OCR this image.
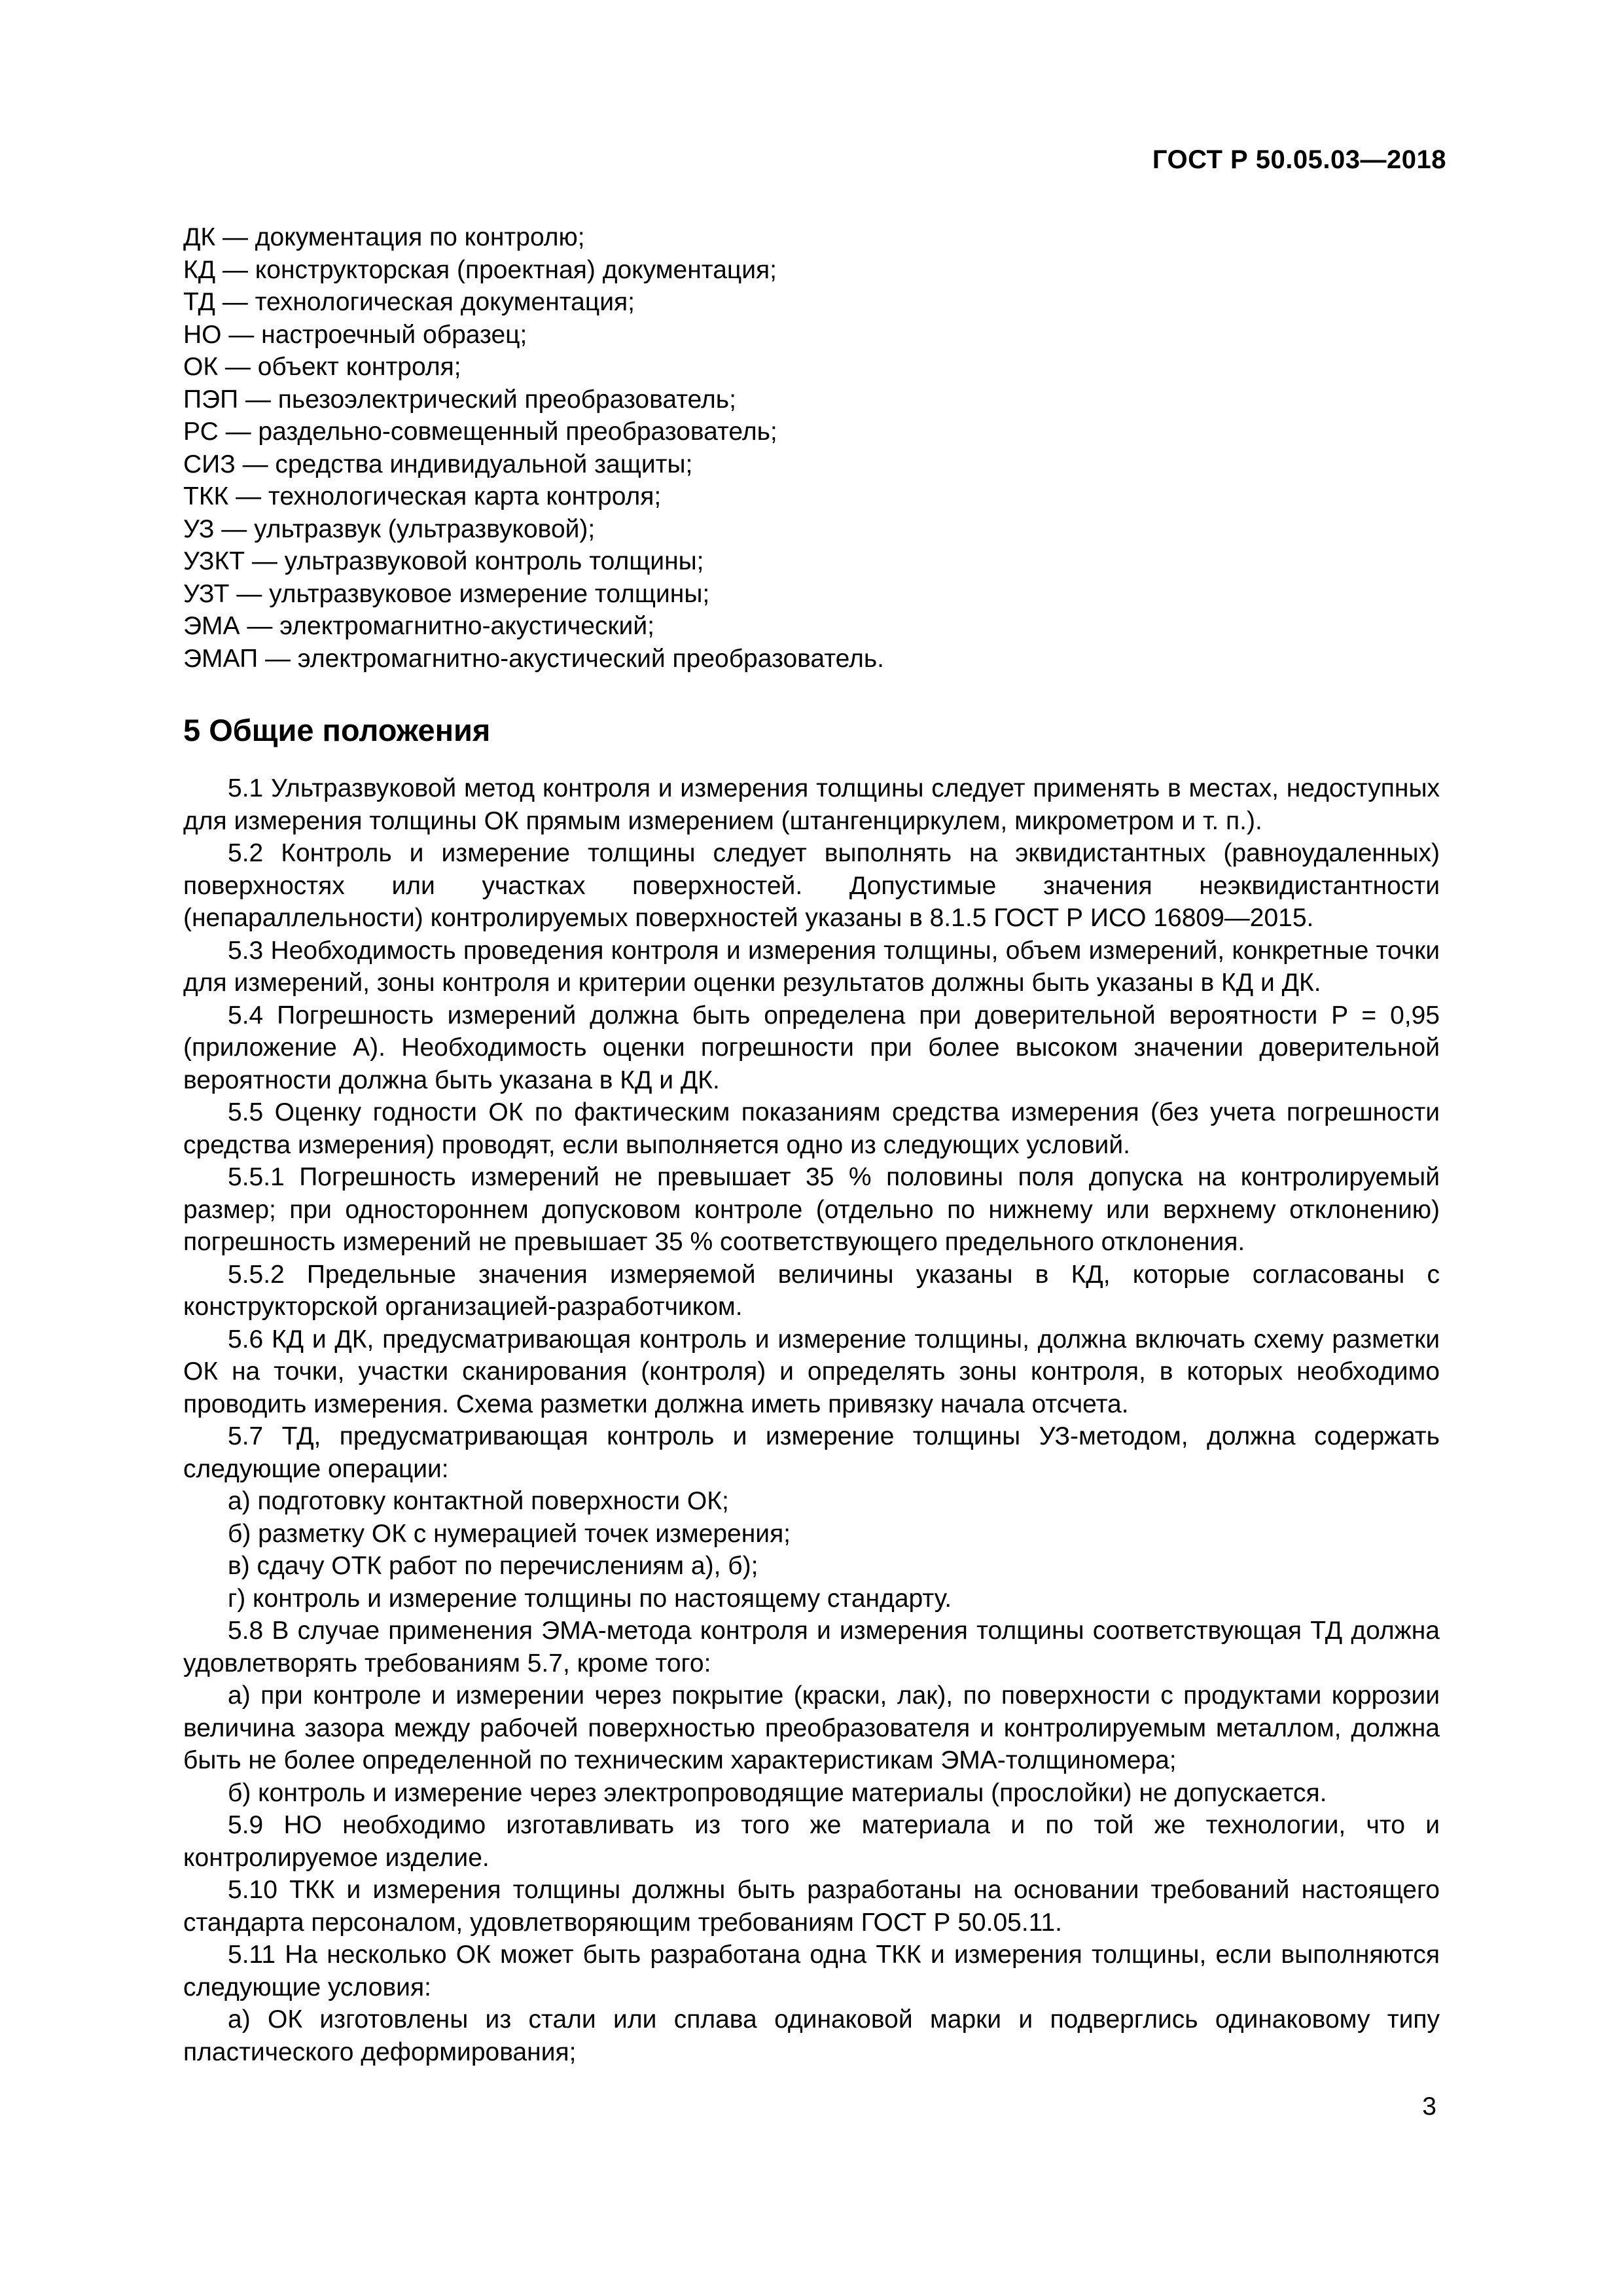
ГОСТ Р 50.05.03—2018
ДК — документация по контролю;
КД — конструкторская (проектная) документация;
ТД — технологическая документация;
НО — настроечный образец;
ОК — объект контроля;
ПЭП — пьезоэлектрический преобразователь;
РС — раздельно-совмещенный преобразователь;
СИЗ — средства индивидуальной защиты;
ТКК — технологическая карта контроля;
УЗ — ультразвук (ультразвуковой);
УЗКТ — ультразвуковой контроль толщины;
УЗТ — ультразвуковое измерение толщины;
ЭМА — электромагнитно-акустический;
ЭМАП — электромагнитно-акустический преобразователь.
5 Общие положения

5.1 Ультразвуковой метод контроля и измерения толщины следует применять в местах, недоступных для измерения толщины ОК прямым измерением (штангенциркулем, микрометром и т. п.).

5.2 Контроль и измерение толщины следует выполнять на эквидистантных (равноудаленных) поверхностях или участках поверхностей. Допустимые значения неэквидистантности (непараллельности) контролируемых поверхностей указаны в 8.1.5 ГОСТ Р ИСО 16809—2015.

5.3 Необходимость проведения контроля и измерения толщины, объем измерений, конкретные точки для измерений, зоны контроля и критерии оценки результатов должны быть указаны в КД и ДК.

5.4 Погрешность измерений должна быть определена при доверительной вероятности P = 0,95 (приложение А). Необходимость оценки погрешности при более высоком значении доверительной вероятности должна быть указана в КД и ДК.

5.5 Оценку годности ОК по фактическим показаниям средства измерения (без учета погрешности средства измерения) проводят, если выполняется одно из следующих условий.

5.5.1 Погрешность измерений не превышает 35 % половины поля допуска на контролируемый размер; при одностороннем допусковом контроле (отдельно по нижнему или верхнему отклонению) погрешность измерений не превышает 35 % соответствующего предельного отклонения.

5.5.2 Предельные значения измеряемой величины указаны в КД, которые согласованы с конструкторской организацией-разработчиком.

5.6 КД и ДК, предусматривающая контроль и измерение толщины, должна включать схему разметки ОК на точки, участки сканирования (контроля) и определять зоны контроля, в которых необходимо проводить измерения. Схема разметки должна иметь привязку начала отсчета.

5.7 ТД, предусматривающая контроль и измерение толщины УЗ-методом, должна содержать следующие операции:

а) подготовку контактной поверхности ОК;

б) разметку ОК с нумерацией точек измерения;

в) сдачу ОТК работ по перечислениям а), б);

г) контроль и измерение толщины по настоящему стандарту.

5.8 В случае применения ЭМА-метода контроля и измерения толщины соответствующая ТД должна удовлетворять требованиям 5.7, кроме того:

а) при контроле и измерении через покрытие (краски, лак), по поверхности с продуктами коррозии величина зазора между рабочей поверхностью преобразователя и контролируемым металлом, должна быть не более определенной по техническим характеристикам ЭМА-толщиномера;

б) контроль и измерение через электропроводящие материалы (прослойки) не допускается.

5.9 НО необходимо изготавливать из того же материала и по той же технологии, что и контролируемое изделие.

5.10 ТКК и измерения толщины должны быть разработаны на основании требований настоящего стандарта персоналом, удовлетворяющим требованиям ГОСТ Р 50.05.11.

5.11 На несколько ОК может быть разработана одна ТКК и измерения толщины, если выполняются следующие условия:

а) ОК изготовлены из стали или сплава одинаковой марки и подверглись одинаковому типу пластического деформирования;

3
